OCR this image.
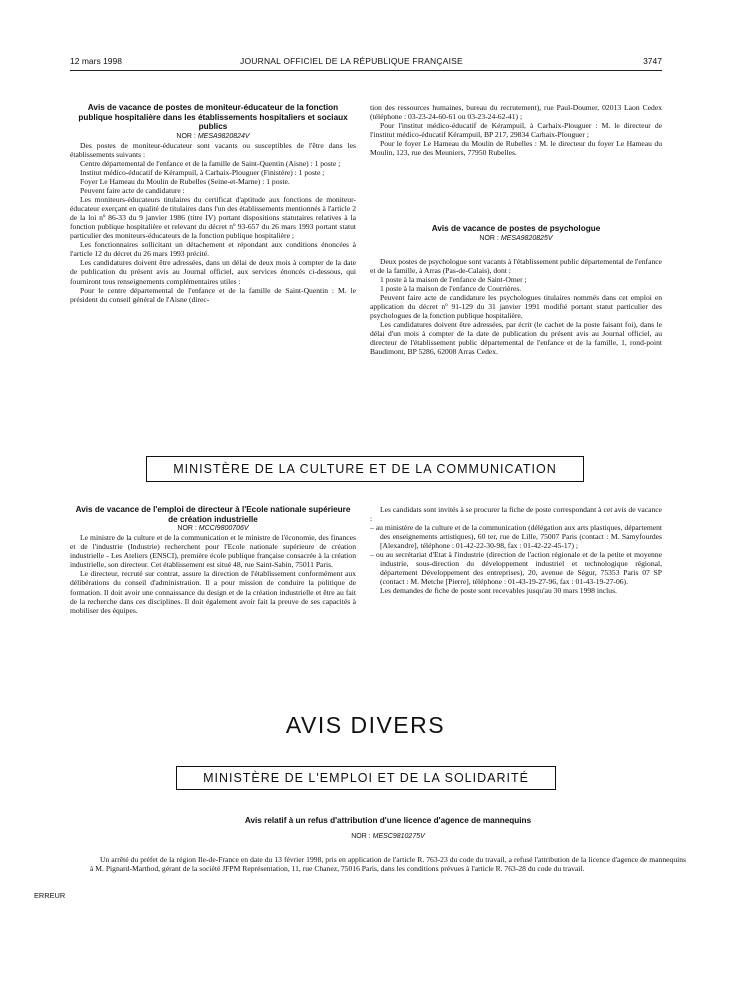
12 mars 1998	JOURNAL OFFICIEL DE LA RÉPUBLIQUE FRANÇAISE	3747
Avis de vacance de postes de moniteur-éducateur de la fonction publique hospitalière dans les établissements hospitaliers et sociaux publics

NOR : MESA9820824V

Des postes de moniteur-éducateur sont vacants ou susceptibles de l'être dans les établissements suivants :

Centre départemental de l'enfance et de la famille de Saint-Quentin (Aisne) : 1 poste ;

Institut médico-éducatif de Kérampuil, à Carhaix-Plouguer (Finistère) : 1 poste ;

Foyer Le Hameau du Moulin de Rubelles (Seine-et-Marne) : 1 poste.

Peuvent faire acte de candidature :

Les moniteurs-éducateurs titulaires du certificat d'aptitude aux fonctions de moniteur-éducateur exerçant en qualité de titulaires dans l'un des établissements mentionnés à l'article 2 de la loi nº 86-33 du 9 janvier 1986 (titre IV) portant dispositions statutaires relatives à la fonction publique hospitalière et relevant du décret nº 93-657 du 26 mars 1993 portant statut particulier des moniteurs-éducateurs de la fonction publique hospitalière ;

Les fonctionnaires sollicitant un détachement et répondant aux conditions énoncées à l'article 12 du décret du 26 mars 1993 précité.

Les candidatures doivent être adressées, dans un délai de deux mois à compter de la date de publication du présent avis au Journal officiel, aux services énoncés ci-dessous, qui fourniront tous renseignements complémentaires utiles :

Pour le centre départemental de l'enfance et de la famille de Saint-Quentin : M. le président du conseil général de l'Aisne (direc-

tion des ressources humaines, bureau du recrutement), rue Paul-Doumer, 02013 Laon Cedex (téléphone : 03-23-24-60-61 ou 03-23-24-62-41) ;

Pour l'institut médico-éducatif de Kérampuil, à Carhaix-Plouguer : M. le directeur de l'institut médico-éducatif Kérampuil, BP 217, 29834 Carhaix-Plouguer ;

Pour le foyer Le Hameau du Moulin de Rubelles : M. le directeur du foyer Le Hameau du Moulin, 123, rue des Meuniers, 77950 Rubelles.

Avis de vacance de postes de psychologue

NOR : MESA9820825V

Deux postes de psychologue sont vacants à l'établissement public départemental de l'enfance et de la famille, à Arras (Pas-de-Calais), dont :

1 poste à la maison de l'enfance de Saint-Omer ;

1 poste à la maison de l'enfance de Courrières.

Peuvent faire acte de candidature les psychologues titulaires nommés dans cet emploi en application du décret nº 91-129 du 31 janvier 1991 modifié portant statut particulier des psychologues de la fonction publique hospitalière.

Les candidatures doivent être adressées, par écrit (le cachet de la poste faisant foi), dans le délai d'un mois à compter de la date de publication du présent avis au Journal officiel, au directeur de l'établissement public départemental de l'enfance et de la famille, 1, rond-point Baudimont, BP 5286, 62008 Arras Cedex.

MINISTÈRE DE LA CULTURE ET DE LA COMMUNICATION
Avis de vacance de l'emploi de directeur à l'Ecole nationale supérieure de création industrielle

NOR : MCCI9800706V

Le ministre de la culture et de la communication et le ministre de l'économie, des finances et de l'industrie (Industrie) recherchent pour l'Ecole nationale supérieure de création industrielle - Les Ateliers (ENSCI), première école publique française consacrée à la création industrielle, son directeur. Cet établissement est situé 48, rue Saint-Sabin, 75011 Paris.

Le directeur, recruté sur contrat, assure la direction de l'établissement conformément aux délibérations du conseil d'administration. Il a pour mission de conduire la politique de formation. Il doit avoir une connaissance du design et de la création industrielle et être au fait de la recherche dans ces disciplines. Il doit également avoir fait la preuve de ses capacités à mobiliser des équipes.

Les candidats sont invités à se procurer la fiche de poste correspondant à cet avis de vacance :

– au ministère de la culture et de la communication (délégation aux arts plastiques, département des enseignements artistiques), 60 ter, rue de Lille, 75007 Paris (contact : M. Samyfourdes [Alexandre], téléphone : 01-42-22-30-98, fax : 01-42-22-45-17) ;
– ou au secrétariat d'Etat à l'industrie (direction de l'action régionale et de la petite et moyenne industrie, sous-direction du développement industriel et technologique régional, département Développement des entreprises), 20, avenue de Ségur, 75353 Paris 07 SP (contact : M. Metche [Pierre], téléphone : 01-43-19-27-96, fax : 01-43-19-27-06).

Les demandes de fiche de poste sont recevables jusqu'au 30 mars 1998 inclus.

AVIS DIVERS
MINISTÈRE DE L'EMPLOI ET DE LA SOLIDARITÉ
Avis relatif à un refus d'attribution d'une licence d'agence de mannequins

NOR : MESC9810275V

Un arrêté du préfet de la région Ile-de-France en date du 13 février 1998, pris en application de l'article R. 763-23 du code du travail, a refusé l'attribution de la licence d'agence de mannequins à M. Pignard-Marthod, gérant de la société JFPM Représentation, 11, rue Chanez, 75016 Paris, dans les conditions prévues à l'article R. 763-28 du code du travail.

ERREUR
